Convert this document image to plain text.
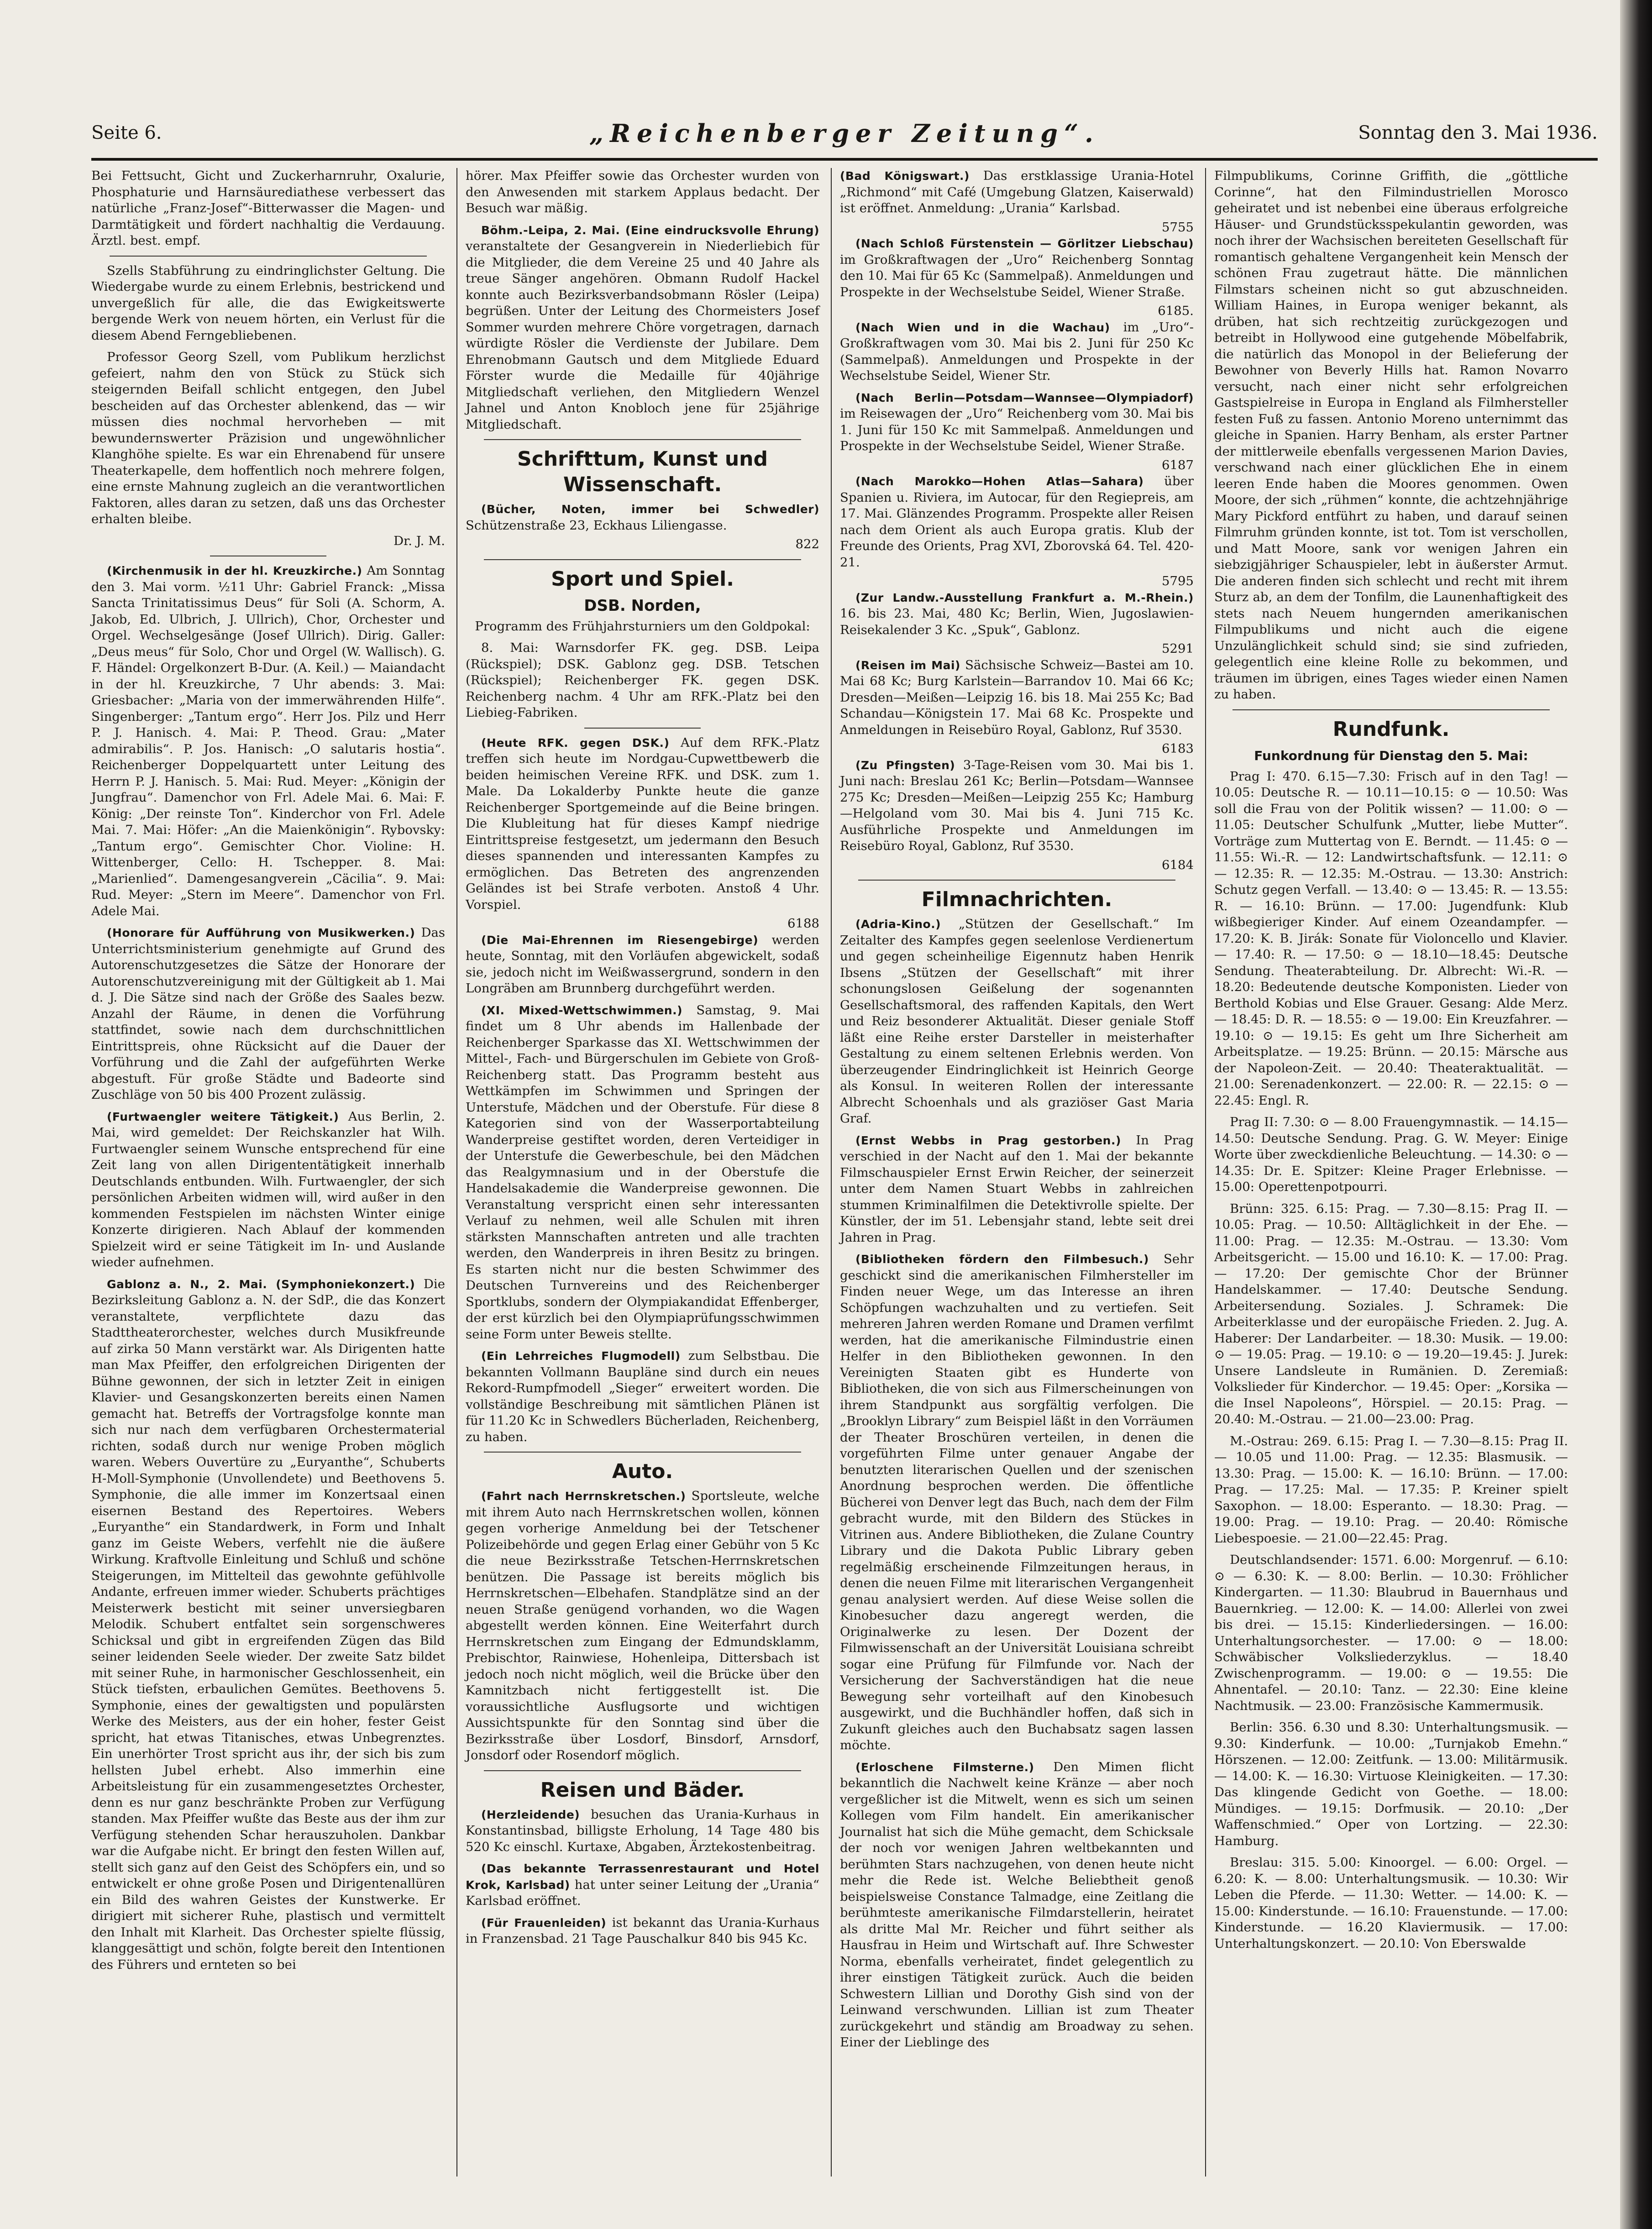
Seite 6.	„Reichenberger Zeitung“.	Sonntag den 3. Mai 1936.

Bei Fettsucht, Gicht und Zuckerharnruhr, Oxalurie, Phosphaturie und Harnsäurediathese verbessert das natürliche „Franz-Josef“-Bitterwasser die Magen- und Darmtätigkeit und fördert nachhaltig die Verdauung. Ärztl. best. empf.

Szells Stabführung zu eindringlichster Geltung. Die Wiedergabe wurde zu einem Erlebnis, bestrickend und unvergeßlich für alle, die das Ewigkeitswerte bergende Werk von neuem hörten, ein Verlust für die diesem Abend Ferngebliebenen.

Professor Georg Szell, vom Publikum herzlichst gefeiert, nahm den von Stück zu Stück sich steigernden Beifall schlicht entgegen, den Jubel bescheiden auf das Orchester ablenkend, das — wir müssen dies nochmal hervorheben — mit bewundernswerter Präzision und ungewöhnlicher Klanghöhe spielte. Es war ein Ehrenabend für unsere Theaterkapelle, dem hoffentlich noch mehrere folgen, eine ernste Mahnung zugleich an die verantwortlichen Faktoren, alles daran zu setzen, daß uns das Orchester erhalten bleibe.

Dr. J. M.

(Kirchenmusik in der hl. Kreuzkirche.) Am Sonntag den 3. Mai vorm. ½11 Uhr: Gabriel Franck: „Missa Sancta Trinitatissimus Deus“ für Soli (A. Schorm, A. Jakob, Ed. Ulbrich, J. Ullrich), Chor, Orchester und Orgel. Wechselgesänge (Josef Ullrich). Dirig. Galler: „Deus meus“ für Solo, Chor und Orgel (W. Wallisch). G. F. Händel: Orgelkonzert B-Dur. (A. Keil.) — Maiandacht in der hl. Kreuzkirche, 7 Uhr abends: 3. Mai: Griesbacher: „Maria von der immerwährenden Hilfe“. Singenberger: „Tantum ergo“. Herr Jos. Pilz und Herr P. J. Hanisch. 4. Mai: P. Theod. Grau: „Mater admirabilis“. P. Jos. Hanisch: „O salutaris hostia“. Reichenberger Doppelquartett unter Leitung des Herrn P. J. Hanisch. 5. Mai: Rud. Meyer: „Königin der Jungfrau“. Damenchor von Frl. Adele Mai. 6. Mai: F. König: „Der reinste Ton“. Kinderchor von Frl. Adele Mai. 7. Mai: Höfer: „An die Maienkönigin“. Rybovsky: „Tantum ergo“. Gemischter Chor. Violine: H. Wittenberger, Cello: H. Tschepper. 8. Mai: „Marienlied“. Damengesangverein „Cäcilia“. 9. Mai: Rud. Meyer: „Stern im Meere“. Damenchor von Frl. Adele Mai.

(Honorare für Aufführung von Musikwerken.) Das Unterrichtsministerium genehmigte auf Grund des Autorenschutzgesetzes die Sätze der Honorare der Autorenschutzvereinigung mit der Gültigkeit ab 1. Mai d. J. Die Sätze sind nach der Größe des Saales bezw. Anzahl der Räume, in denen die Vorführung stattfindet, sowie nach dem durchschnittlichen Eintrittspreis, ohne Rücksicht auf die Dauer der Vorführung und die Zahl der aufgeführten Werke abgestuft. Für große Städte und Badeorte sind Zuschläge von 50 bis 400 Prozent zulässig.

(Furtwaengler weitere Tätigkeit.) Aus Berlin, 2. Mai, wird gemeldet: Der Reichskanzler hat Wilh. Furtwaengler seinem Wunsche entsprechend für eine Zeit lang von allen Dirigententätigkeit innerhalb Deutschlands entbunden. Wilh. Furtwaengler, der sich persönlichen Arbeiten widmen will, wird außer in den kommenden Festspielen im nächsten Winter einige Konzerte dirigieren. Nach Ablauf der kommenden Spielzeit wird er seine Tätigkeit im In- und Auslande wieder aufnehmen.

Gablonz a. N., 2. Mai. (Symphoniekonzert.) Die Bezirksleitung Gablonz a. N. der SdP., die das Konzert veranstaltete, verpflichtete dazu das Stadttheaterorchester, welches durch Musikfreunde auf zirka 50 Mann verstärkt war. Als Dirigenten hatte man Max Pfeiffer, den erfolgreichen Dirigenten der Bühne gewonnen, der sich in letzter Zeit in einigen Klavier- und Gesangskonzerten bereits einen Namen gemacht hat. Betreffs der Vortragsfolge konnte man sich nur nach dem verfügbaren Orchestermaterial richten, sodaß durch nur wenige Proben möglich waren. Webers Ouvertüre zu „Euryanthe“, Schuberts H-Moll-Symphonie (Unvollendete) und Beethovens 5. Symphonie, die alle immer im Konzertsaal einen eisernen Bestand des Repertoires. Webers „Euryanthe“ ein Standardwerk, in Form und Inhalt ganz im Geiste Webers, verfehlt nie die äußere Wirkung. Kraftvolle Einleitung und Schluß und schöne Steigerungen, im Mittelteil das gewohnte gefühlvolle Andante, erfreuen immer wieder. Schuberts prächtiges Meisterwerk besticht mit seiner unversiegbaren Melodik. Schubert entfaltet sein sorgenschweres Schicksal und gibt in ergreifenden Zügen das Bild seiner leidenden Seele wieder. Der zweite Satz bildet mit seiner Ruhe, in harmonischer Geschlossenheit, ein Stück tiefsten, erbaulichen Gemütes. Beethovens 5. Symphonie, eines der gewaltigsten und populärsten Werke des Meisters, aus der ein hoher, fester Geist spricht, hat etwas Titanisches, etwas Unbegrenztes. Ein unerhörter Trost spricht aus ihr, der sich bis zum hellsten Jubel erhebt. Also immerhin eine Arbeitsleistung für ein zusammengesetztes Orchester, denn es nur ganz beschränkte Proben zur Verfügung standen. Max Pfeiffer wußte das Beste aus der ihm zur Verfügung stehenden Schar herauszuholen. Dankbar war die Aufgabe nicht. Er bringt den festen Willen auf, stellt sich ganz auf den Geist des Schöpfers ein, und so entwickelt er ohne große Posen und Dirigentenallüren ein Bild des wahren Geistes der Kunstwerke. Er dirigiert mit sicherer Ruhe, plastisch und vermittelt den Inhalt mit Klarheit. Das Orchester spielte flüssig, klanggesättigt und schön, folgte bereit den Intentionen des Führers und ernteten so bei

hörer. Max Pfeiffer sowie das Orchester wurden von den Anwesenden mit starkem Applaus bedacht. Der Besuch war mäßig.

Böhm.-Leipa, 2. Mai. (Eine eindrucksvolle Ehrung) veranstaltete der Gesangverein in Niederliebich für die Mitglieder, die dem Vereine 25 und 40 Jahre als treue Sänger angehören. Obmann Rudolf Hackel konnte auch Bezirksverbandsobmann Rösler (Leipa) begrüßen. Unter der Leitung des Chormeisters Josef Sommer wurden mehrere Chöre vorgetragen, darnach würdigte Rösler die Verdienste der Jubilare. Dem Ehrenobmann Gautsch und dem Mitgliede Eduard Förster wurde die Medaille für 40jährige Mitgliedschaft verliehen, den Mitgliedern Wenzel Jahnel und Anton Knobloch jene für 25jährige Mitgliedschaft.

Schrifttum, Kunst und Wissenschaft.

(Bücher, Noten, immer bei Schwedler) Schützenstraße 23, Eckhaus Liliengasse.

822
Sport und Spiel.
DSB. Norden,

Programm des Frühjahrsturniers um den Goldpokal:

8. Mai: Warnsdorfer FK. geg. DSB. Leipa (Rückspiel); DSK. Gablonz geg. DSB. Tetschen (Rückspiel); Reichenberger FK. gegen DSK. Reichenberg nachm. 4 Uhr am RFK.-Platz bei den Liebieg-Fabriken.

(Heute RFK. gegen DSK.) Auf dem RFK.-Platz treffen sich heute im Nordgau-Cupwettbewerb die beiden heimischen Vereine RFK. und DSK. zum 1. Male. Da Lokalderby Punkte heute die ganze Reichenberger Sportgemeinde auf die Beine bringen. Die Klubleitung hat für dieses Kampf niedrige Eintrittspreise festgesetzt, um jedermann den Besuch dieses spannenden und interessanten Kampfes zu ermöglichen. Das Betreten des angrenzenden Geländes ist bei Strafe verboten. Anstoß 4 Uhr. Vorspiel.

6188

(Die Mai-Ehrennen im Riesengebirge) werden heute, Sonntag, mit den Vorläufen abgewickelt, sodaß sie, jedoch nicht im Weißwassergrund, sondern in den Longräben am Brunnberg durchgeführt werden.

(XI. Mixed-Wettschwimmen.) Samstag, 9. Mai findet um 8 Uhr abends im Hallenbade der Reichenberger Sparkasse das XI. Wettschwimmen der Mittel-, Fach- und Bürgerschulen im Gebiete von Groß-Reichenberg statt. Das Programm besteht aus Wettkämpfen im Schwimmen und Springen der Unterstufe, Mädchen und der Oberstufe. Für diese 8 Kategorien sind von der Wasserportabteilung Wanderpreise gestiftet worden, deren Verteidiger in der Unterstufe die Gewerbeschule, bei den Mädchen das Realgymnasium und in der Oberstufe die Handelsakademie die Wanderpreise gewonnen. Die Veranstaltung verspricht einen sehr interessanten Verlauf zu nehmen, weil alle Schulen mit ihren stärksten Mannschaften antreten und alle trachten werden, den Wanderpreis in ihren Besitz zu bringen. Es starten nicht nur die besten Schwimmer des Deutschen Turnvereins und des Reichenberger Sportklubs, sondern der Olympiakandidat Effenberger, der erst kürzlich bei den Olympiaprüfungsschwimmen seine Form unter Beweis stellte.

(Ein Lehrreiches Flugmodell) zum Selbstbau. Die bekannten Vollmann Baupläne sind durch ein neues Rekord-Rumpfmodell „Sieger“ erweitert worden. Die vollständige Beschreibung mit sämtlichen Plänen ist für 11.20 Kc in Schwedlers Bücherladen, Reichenberg, zu haben.

Auto.

(Fahrt nach Herrnskretschen.) Sportsleute, welche mit ihrem Auto nach Herrnskretschen wollen, können gegen vorherige Anmeldung bei der Tetschener Polizeibehörde und gegen Erlag einer Gebühr von 5 Kc die neue Bezirksstraße Tetschen-Herrnskretschen benützen. Die Passage ist bereits möglich bis Herrnskretschen—Elbehafen. Standplätze sind an der neuen Straße genügend vorhanden, wo die Wagen abgestellt werden können. Eine Weiterfahrt durch Herrnskretschen zum Eingang der Edmundsklamm, Prebischtor, Rainwiese, Hohenleipa, Dittersbach ist jedoch noch nicht möglich, weil die Brücke über den Kamnitzbach nicht fertiggestellt ist. Die voraussichtliche Ausflugsorte und wichtigen Aussichtspunkte für den Sonntag sind über die Bezirksstraße über Losdorf, Binsdorf, Arnsdorf, Jonsdorf oder Rosendorf möglich.

Reisen und Bäder.

(Herzleidende) besuchen das Urania-Kurhaus in Konstantinsbad, billigste Erholung, 14 Tage 480 bis 520 Kc einschl. Kurtaxe, Abgaben, Ärztekostenbeitrag.

(Das bekannte Terrassenrestaurant und Hotel Krok, Karlsbad) hat unter seiner Leitung der „Urania“ Karlsbad eröffnet.

(Für Frauenleiden) ist bekannt das Urania-Kurhaus in Franzensbad. 21 Tage Pauschalkur 840 bis 945 Kc.

(Bad Königswart.) Das erstklassige Urania-Hotel „Richmond“ mit Café (Umgebung Glatzen, Kaiserwald) ist eröffnet. Anmeldung: „Urania“ Karlsbad.

5755

(Nach Schloß Fürstenstein — Görlitzer Liebschau) im Großkraftwagen der „Uro“ Reichenberg Sonntag den 10. Mai für 65 Kc (Sammelpaß). Anmeldungen und Prospekte in der Wechselstube Seidel, Wiener Straße.

6185.

(Nach Wien und in die Wachau) im „Uro“-Großkraftwagen vom 30. Mai bis 2. Juni für 250 Kc (Sammelpaß). Anmeldungen und Prospekte in der Wechselstube Seidel, Wiener Str.

(Nach Berlin—Potsdam—Wannsee—Olympiadorf) im Reisewagen der „Uro“ Reichenberg vom 30. Mai bis 1. Juni für 150 Kc mit Sammelpaß. Anmeldungen und Prospekte in der Wechselstube Seidel, Wiener Straße.

6187

(Nach Marokko—Hohen Atlas—Sahara) über Spanien u. Riviera, im Autocar, für den Regiepreis, am 17. Mai. Glänzendes Programm. Prospekte aller Reisen nach dem Orient als auch Europa gratis. Klub der Freunde des Orients, Prag XVI, Zborovská 64. Tel. 420-21.

5795

(Zur Landw.-Ausstellung Frankfurt a. M.-Rhein.) 16. bis 23. Mai, 480 Kc; Berlin, Wien, Jugoslawien-Reisekalender 3 Kc. „Spuk“, Gablonz.

5291

(Reisen im Mai) Sächsische Schweiz—Bastei am 10. Mai 68 Kc; Burg Karlstein—Barrandov 10. Mai 66 Kc; Dresden—Meißen—Leipzig 16. bis 18. Mai 255 Kc; Bad Schandau—Königstein 17. Mai 68 Kc. Prospekte und Anmeldungen in Reisebüro Royal, Gablonz, Ruf 3530.

6183

(Zu Pfingsten) 3-Tage-Reisen vom 30. Mai bis 1. Juni nach: Breslau 261 Kc; Berlin—Potsdam—Wannsee 275 Kc; Dresden—Meißen—Leipzig 255 Kc; Hamburg—Helgoland vom 30. Mai bis 4. Juni 715 Kc. Ausführliche Prospekte und Anmeldungen im Reisebüro Royal, Gablonz, Ruf 3530.

6184
Filmnachrichten.

(Adria-Kino.) „Stützen der Gesellschaft.“ Im Zeitalter des Kampfes gegen seelenlose Verdienertum und gegen scheinheilige Eigennutz haben Henrik Ibsens „Stützen der Gesellschaft“ mit ihrer schonungslosen Geißelung der sogenannten Gesellschaftsmoral, des raffenden Kapitals, den Wert und Reiz besonderer Aktualität. Dieser geniale Stoff läßt eine Reihe erster Darsteller in meisterhafter Gestaltung zu einem seltenen Erlebnis werden. Von überzeugender Eindringlichkeit ist Heinrich George als Konsul. In weiteren Rollen der interessante Albrecht Schoenhals und als graziöser Gast Maria Graf.

(Ernst Webbs in Prag gestorben.) In Prag verschied in der Nacht auf den 1. Mai der bekannte Filmschauspieler Ernst Erwin Reicher, der seinerzeit unter dem Namen Stuart Webbs in zahlreichen stummen Kriminalfilmen die Detektivrolle spielte. Der Künstler, der im 51. Lebensjahr stand, lebte seit drei Jahren in Prag.

(Bibliotheken fördern den Filmbesuch.) Sehr geschickt sind die amerikanischen Filmhersteller im Finden neuer Wege, um das Interesse an ihren Schöpfungen wachzuhalten und zu vertiefen. Seit mehreren Jahren werden Romane und Dramen verfilmt werden, hat die amerikanische Filmindustrie einen Helfer in den Bibliotheken gewonnen. In den Vereinigten Staaten gibt es Hunderte von Bibliotheken, die von sich aus Filmerscheinungen von ihrem Standpunkt aus sorgfältig verfolgen. Die „Brooklyn Library“ zum Beispiel läßt in den Vorräumen der Theater Broschüren verteilen, in denen die vorgeführten Filme unter genauer Angabe der benutzten literarischen Quellen und der szenischen Anordnung besprochen werden. Die öffentliche Bücherei von Denver legt das Buch, nach dem der Film gebracht wurde, mit den Bildern des Stückes in Vitrinen aus. Andere Bibliotheken, die Zulane Country Library und die Dakota Public Library geben regelmäßig erscheinende Filmzeitungen heraus, in denen die neuen Filme mit literarischen Vergangenheit genau analysiert werden. Auf diese Weise sollen die Kinobesucher dazu angeregt werden, die Originalwerke zu lesen. Der Dozent der Filmwissenschaft an der Universität Louisiana schreibt sogar eine Prüfung für Filmfunde vor. Nach der Versicherung der Sachverständigen hat die neue Bewegung sehr vorteilhaft auf den Kinobesuch ausgewirkt, und die Buchhändler hoffen, daß sich in Zukunft gleiches auch den Buchabsatz sagen lassen möchte.

(Erloschene Filmsterne.) Den Mimen flicht bekanntlich die Nachwelt keine Kränze — aber noch vergeßlicher ist die Mitwelt, wenn es sich um seinen Kollegen vom Film handelt. Ein amerikanischer Journalist hat sich die Mühe gemacht, dem Schicksale der noch vor wenigen Jahren weltbekannten und berühmten Stars nachzugehen, von denen heute nicht mehr die Rede ist. Welche Beliebtheit genoß beispielsweise Constance Talmadge, eine Zeitlang die berühmteste amerikanische Filmdarstellerin, heiratet als dritte Mal Mr. Reicher und führt seither als Hausfrau in Heim und Wirtschaft auf. Ihre Schwester Norma, ebenfalls verheiratet, findet gelegentlich zu ihrer einstigen Tätigkeit zurück. Auch die beiden Schwestern Lillian und Dorothy Gish sind von der Leinwand verschwunden. Lillian ist zum Theater zurückgekehrt und ständig am Broadway zu sehen. Einer der Lieblinge des

Filmpublikums, Corinne Griffith, die „göttliche Corinne“, hat den Filmindustriellen Morosco geheiratet und ist nebenbei eine überaus erfolgreiche Häuser- und Grundstücksspekulantin geworden, was noch ihrer der Wachsischen bereiteten Gesellschaft für romantisch gehaltene Vergangenheit kein Mensch der schönen Frau zugetraut hätte. Die männlichen Filmstars scheinen nicht so gut abzuschneiden. William Haines, in Europa weniger bekannt, als drüben, hat sich rechtzeitig zurückgezogen und betreibt in Hollywood eine gutgehende Möbelfabrik, die natürlich das Monopol in der Belieferung der Bewohner von Beverly Hills hat. Ramon Novarro versucht, nach einer nicht sehr erfolgreichen Gastspielreise in Europa in England als Filmhersteller festen Fuß zu fassen. Antonio Moreno unternimmt das gleiche in Spanien. Harry Benham, als erster Partner der mittlerweile ebenfalls vergessenen Marion Davies, verschwand nach einer glücklichen Ehe in einem leeren Ende haben die Moores genommen. Owen Moore, der sich „rühmen“ konnte, die achtzehnjährige Mary Pickford entführt zu haben, und darauf seinen Filmruhm gründen konnte, ist tot. Tom ist verschollen, und Matt Moore, sank vor wenigen Jahren ein siebzigjähriger Schauspieler, lebt in äußerster Armut. Die anderen finden sich schlecht und recht mit ihrem Sturz ab, an dem der Tonfilm, die Launenhaftigkeit des stets nach Neuem hungernden amerikanischen Filmpublikums und nicht auch die eigene Unzulänglichkeit schuld sind; sie sind zufrieden, gelegentlich eine kleine Rolle zu bekommen, und träumen im übrigen, eines Tages wieder einen Namen zu haben.

Rundfunk.
Funkordnung für Dienstag den 5. Mai:

Prag I: 470. 6.15—7.30: Frisch auf in den Tag! — 10.05: Deutsche R. — 10.11—10.15: ⊙ — 10.50: Was soll die Frau von der Politik wissen? — 11.00: ⊙ — 11.05: Deutscher Schulfunk „Mutter, liebe Mutter“. Vorträge zum Muttertag von E. Berndt. — 11.45: ⊙ — 11.55: Wi.-R. — 12: Landwirtschaftsfunk. — 12.11: ⊙ — 12.35: R. — 12.35: M.-Ostrau. — 13.30: Anstrich: Schutz gegen Verfall. — 13.40: ⊙ — 13.45: R. — 13.55: R. — 16.10: Brünn. — 17.00: Jugendfunk: Klub wißbegieriger Kinder. Auf einem Ozeandampfer. — 17.20: K. B. Jirák: Sonate für Violoncello und Klavier. — 17.40: R. — 17.50: ⊙ — 18.10—18.45: Deutsche Sendung. Theaterabteilung. Dr. Albrecht: Wi.-R. — 18.20: Bedeutende deutsche Komponisten. Lieder von Berthold Kobias und Else Grauer. Gesang: Alde Merz. — 18.45: D. R. — 18.55: ⊙ — 19.00: Ein Kreuzfahrer. — 19.10: ⊙ — 19.15: Es geht um Ihre Sicherheit am Arbeitsplatze. — 19.25: Brünn. — 20.15: Märsche aus der Napoleon-Zeit. — 20.40: Theateraktualität. — 21.00: Serenadenkonzert. — 22.00: R. — 22.15: ⊙ — 22.45: Engl. R.

Prag II: 7.30: ⊙ — 8.00 Frauengymnastik. — 14.15—14.50: Deutsche Sendung. Prag. G. W. Meyer: Einige Worte über zweckdienliche Beleuchtung. — 14.30: ⊙ — 14.35: Dr. E. Spitzer: Kleine Prager Erlebnisse. — 15.00: Operettenpotpourri.

Brünn: 325. 6.15: Prag. — 7.30—8.15: Prag II. — 10.05: Prag. — 10.50: Alltäglichkeit in der Ehe. — 11.00: Prag. — 12.35: M.-Ostrau. — 13.30: Vom Arbeitsgericht. — 15.00 und 16.10: K. — 17.00: Prag. — 17.20: Der gemischte Chor der Brünner Handelskammer. — 17.40: Deutsche Sendung. Arbeitersendung. Soziales. J. Schramek: Die Arbeiterklasse und der europäische Frieden. 2. Jug. A. Haberer: Der Landarbeiter. — 18.30: Musik. — 19.00: ⊙ — 19.05: Prag. — 19.10: ⊙ — 19.20—19.45: J. Jurek: Unsere Landsleute in Rumänien. D. Zeremiaß: Volkslieder für Kinderchor. — 19.45: Oper: „Korsika — die Insel Napoleons“, Hörspiel. — 20.15: Prag. — 20.40: M.-Ostrau. — 21.00—23.00: Prag.

M.-Ostrau: 269. 6.15: Prag I. — 7.30—8.15: Prag II. — 10.05 und 11.00: Prag. — 12.35: Blasmusik. — 13.30: Prag. — 15.00: K. — 16.10: Brünn. — 17.00: Prag. — 17.25: Mal. — 17.35: P. Kreiner spielt Saxophon. — 18.00: Esperanto. — 18.30: Prag. — 19.00: Prag. — 19.10: Prag. — 20.40: Römische Liebespoesie. — 21.00—22.45: Prag.

Deutschlandsender: 1571. 6.00: Morgenruf. — 6.10: ⊙ — 6.30: K. — 8.00: Berlin. — 10.30: Fröhlicher Kindergarten. — 11.30: Blaubrud in Bauernhaus und Bauernkrieg. — 12.00: K. — 14.00: Allerlei von zwei bis drei. — 15.15: Kinderliedersingen. — 16.00: Unterhaltungsorchester. — 17.00: ⊙ — 18.00: Schwäbischer Volksliederzyklus. — 18.40 Zwischenprogramm. — 19.00: ⊙ — 19.55: Die Ahnentafel. — 20.10: Tanz. — 22.30: Eine kleine Nachtmusik. — 23.00: Französische Kammermusik.

Berlin: 356. 6.30 und 8.30: Unterhaltungsmusik. — 9.30: Kinderfunk. — 10.00: „Turnjakob Emehn.“ Hörszenen. — 12.00: Zeitfunk. — 13.00: Militärmusik. — 14.00: K. — 16.30: Virtuose Kleinigkeiten. — 17.30: Das klingende Gedicht von Goethe. — 18.00: Mündiges. — 19.15: Dorfmusik. — 20.10: „Der Waffenschmied.“ Oper von Lortzing. — 22.30: Hamburg.

Breslau: 315. 5.00: Kinoorgel. — 6.00: Orgel. — 6.20: K. — 8.00: Unterhaltungsmusik. — 10.30: Wir Leben die Pferde. — 11.30: Wetter. — 14.00: K. — 15.00: Kinderstunde. — 16.10: Frauenstunde. — 17.00: Kinderstunde. — 16.20 Klaviermusik. — 17.00: Unterhaltungskonzert. — 20.10: Von Eberswalde
